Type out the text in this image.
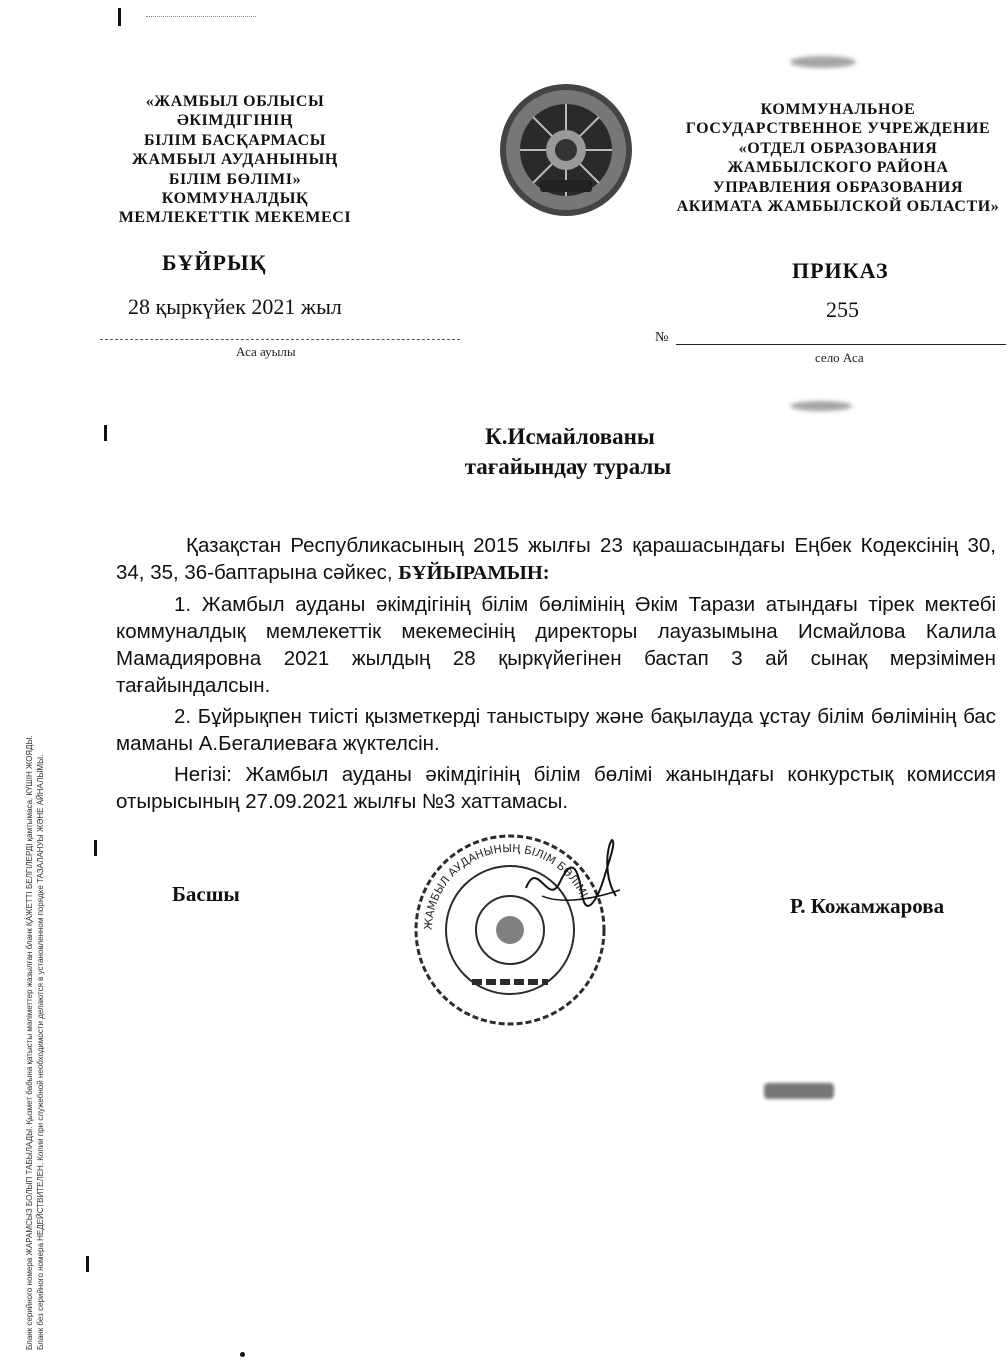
«ЖАМБЫЛ ОБЛЫСЫ
ӘКІМДІГІНІҢ
БІЛІМ БАСҚАРМАСЫ
ЖАМБЫЛ АУДАНЫНЫҢ
БІЛІМ БӨЛІМІ»
КОММУНАЛДЫҚ
МЕМЛЕКЕТТІК МЕКЕМЕСІ
КОММУНАЛЬНОЕ
ГОСУДАРСТВЕННОЕ УЧРЕЖДЕНИЕ
«ОТДЕЛ ОБРАЗОВАНИЯ
ЖАМБЫЛСКОГО РАЙОНА
УПРАВЛЕНИЯ ОБРАЗОВАНИЯ
АКИМАТА ЖАМБЫЛСКОЙ ОБЛАСТИ»
БҰЙРЫҚ	ПРИКАЗ
28 қыркүйек 2021 жыл
Аса ауылы
255
№
село Аса
К.Исмайлованы
тағайындау туралы

Қазақстан Республикасының 2015 жылғы 23 қарашасындағы Еңбек Кодексінің 30, 34, 35, 36-баптарына сәйкес, БҰЙЫРАМЫН:

1. Жамбыл ауданы әкімдігінің білім бөлімінің Әкім Тарази атындағы тірек мектебі коммуналдық мемлекеттік мекемесінің директоры лауазымына Исмайлова Калила Мамадияровна 2021 жылдың 28 қыркүйегінен бастап 3 ай сынақ мерзімімен тағайындалсын.

2. Бұйрықпен тиісті қызметкерді таныстыру және бақылауда ұстау білім бөлімінің бас маманы А.Бегалиеваға жүктелсін.

Негізі: Жамбыл ауданы әкімдігінің білім бөлімі жанындағы конкурстық комиссия отырысының 27.09.2021 жылғы №3 хаттамасы.

Басшы	Р. Кожамжарова
ЖАМБЫЛ АУДАНЫНЫҢ БІЛІМ БӨЛІМІ
Бланк серийного номера ЖАРАМСЫЗ БОЛЫП ТАБЫЛАДЫ. Қызмет бабына қатысты мәліметтер жазылған бланк ҚАЖЕТТІ БЕЛГІЛЕРДІ қамтымаса, КҮШІН ЖОЯДЫ. Бланк без серийного номера НЕДЕЙСТВИТЕЛЕН. Копии при служебной необходимости делаются в установленном порядке ТАЗАЛАНУЫ ЖӘНЕ АЙНАЛЫМЫ.
